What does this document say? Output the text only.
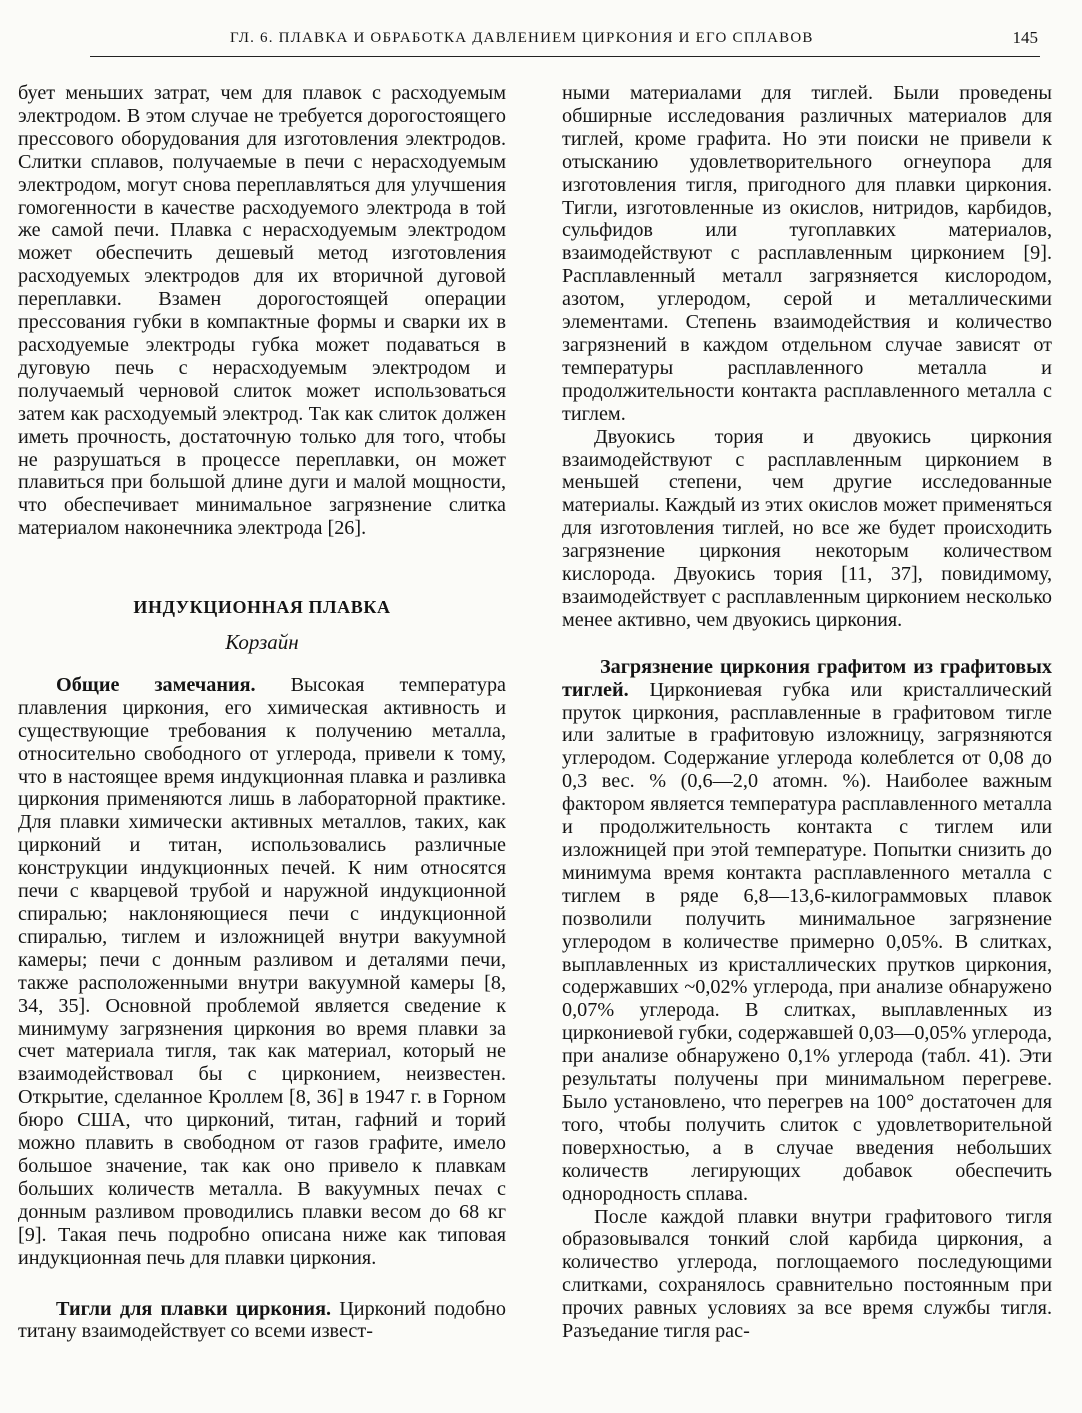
ГЛ. 6. ПЛАВКА И ОБРАБОТКА ДАВЛЕНИЕМ ЦИРКОНИЯ И ЕГО СПЛАВОВ	145

бует меньших затрат, чем для плавок с расходуемым электродом. В этом случае не требуется дорогостоящего прессового оборудования для изготовления электродов. Слитки сплавов, получаемые в печи с нерасходуемым электродом, могут снова переплавляться для улучшения гомогенности в качестве расходуемого электрода в той же самой печи. Плавка с нерасходуемым электродом может обеспечить дешевый метод изготовления расходуемых электродов для их вторичной дуговой переплавки. Взамен дорогостоящей операции прессования губки в компактные формы и сварки их в расходуемые электроды губка может подаваться в дуговую печь с нерасходуемым электродом и получаемый черновой слиток может использоваться затем как расходуемый электрод. Так как слиток должен иметь прочность, достаточную только для того, чтобы не разрушаться в процессе переплавки, он может плавиться при большой длине дуги и малой мощности, что обеспечивает минимальное загрязнение слитка материалом наконечника электрода [26].

ИНДУКЦИОННАЯ ПЛАВКА
Корзайн

Общие замечания. Высокая температура плавления циркония, его химическая активность и существующие требования к получению металла, относительно свободного от углерода, привели к тому, что в настоящее время индукционная плавка и разливка циркония применяются лишь в лабораторной практике. Для плавки химически активных металлов, таких, как цирконий и титан, использовались различные конструкции индукционных печей. К ним относятся печи с кварцевой трубой и наружной индукционной спиралью; наклоняющиеся печи с индукционной спиралью, тиглем и изложницей внутри вакуумной камеры; печи с донным разливом и деталями печи, также расположенными внутри вакуумной камеры [8, 34, 35]. Основной проблемой является сведение к минимуму загрязнения циркония во время плавки за счет материала тигля, так как материал, который не взаимодействовал бы с цирконием, неизвестен. Открытие, сделанное Кроллем [8, 36] в 1947 г. в Горном бюро США, что цирконий, титан, гафний и торий можно плавить в свободном от газов графите, имело большое значение, так как оно привело к плавкам больших количеств металла. В вакуумных печах с донным разливом проводились плавки весом до 68 кг [9]. Такая печь подробно описана ниже как типовая индукционная печь для плавки циркония.

Тигли для плавки циркония. Цирконий подобно титану взаимодействует со всеми извест-

ными материалами для тиглей. Были проведены обширные исследования различных материалов для тиглей, кроме графита. Но эти поиски не привели к отысканию удовлетворительного огнеупора для изготовления тигля, пригодного для плавки циркония. Тигли, изготовленные из окислов, нитридов, карбидов, сульфидов или тугоплавких материалов, взаимодействуют с расплавленным цирконием [9]. Расплавленный металл загрязняется кислородом, азотом, углеродом, серой и металлическими элементами. Степень взаимодействия и количество загрязнений в каждом отдельном случае зависят от температуры расплавленного металла и продолжительности контакта расплавленного металла с тиглем.

Двуокись тория и двуокись циркония взаимодействуют с расплавленным цирконием в меньшей степени, чем другие исследованные материалы. Каждый из этих окислов может применяться для изготовления тиглей, но все же будет происходить загрязнение циркония некоторым количеством кислорода. Двуокись тория [11, 37], повидимому, взаимодействует с расплавленным цирконием несколько менее активно, чем двуокись циркония.

Загрязнение циркония графитом из графитовых тиглей. Циркониевая губка или кристаллический пруток циркония, расплавленные в графитовом тигле или залитые в графитовую изложницу, загрязняются углеродом. Содержание углерода колеблется от 0,08 до 0,3 вес. % (0,6—2,0 атомн. %). Наиболее важным фактором является температура расплавленного металла и продолжительность контакта с тиглем или изложницей при этой температуре. Попытки снизить до минимума время контакта расплавленного металла с тиглем в ряде 6,8—13,6-килограммовых плавок позволили получить минимальное загрязнение углеродом в количестве примерно 0,05%. В слитках, выплавленных из кристаллических прутков циркония, содержавших ~0,02% углерода, при анализе обнаружено 0,07% углерода. В слитках, выплавленных из циркониевой губки, содержавшей 0,03—0,05% углерода, при анализе обнаружено 0,1% углерода (табл. 41). Эти результаты получены при минимальном перегреве. Было установлено, что перегрев на 100° достаточен для того, чтобы получить слиток с удовлетворительной поверхностью, а в случае введения небольших количеств легирующих добавок обеспечить однородность сплава.

После каждой плавки внутри графитового тигля образовывался тонкий слой карбида циркония, а количество углерода, поглощаемого последующими слитками, сохранялось сравнительно постоянным при прочих равных условиях за все время службы тигля. Разъедание тигля рас-
